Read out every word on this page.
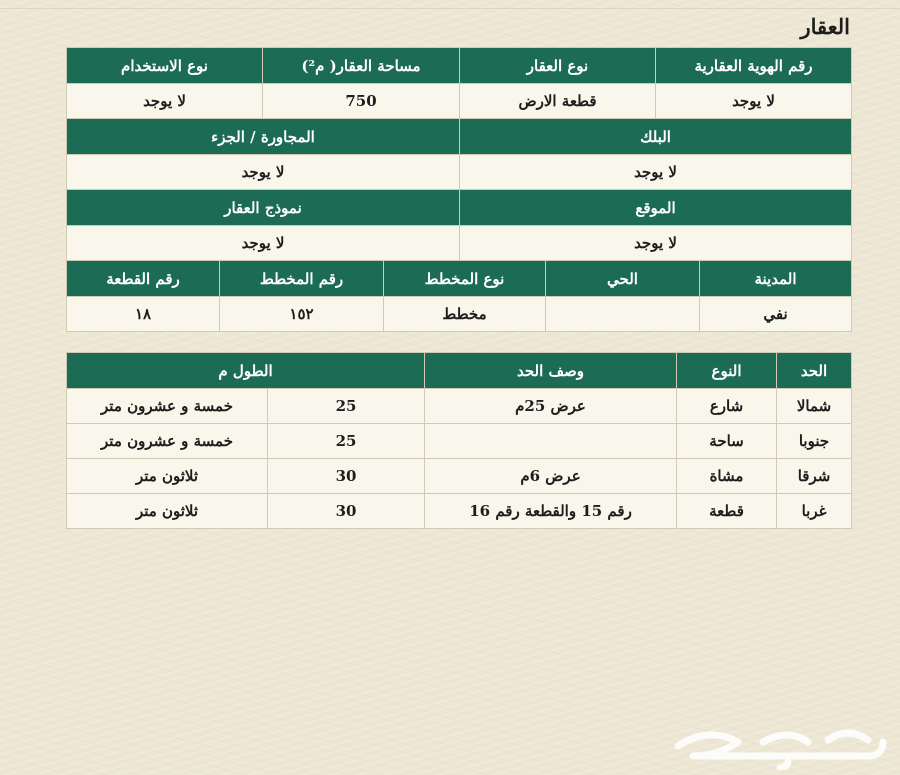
العقار
رقم الهوية العقارية	نوع العقار	مساحة العقار( م²)	نوع الاستخدام
لا يوجد	قطعة الارض	750	لا يوجد
البلك		المجاورة / الجزء	
لا يوجد		لا يوجد	
الموقع		نموذج العقار	
لا يوجد		لا يوجد	
المدينة	الحي	نوع المخطط	رقم المخطط	رقم القطعة
نفي		مخطط	١٥٢	١٨
الحد	النوع	وصف الحد	الطول م	
شمالا	شارع	عرض 25م	25	خمسة و عشرون متر
جنوبا	ساحة		25	خمسة و عشرون متر
شرقا	مشاة	عرض 6م	30	ثلاثون متر
غربا	قطعة	رقم 15 والقطعة رقم 16	30	ثلاثون متر
